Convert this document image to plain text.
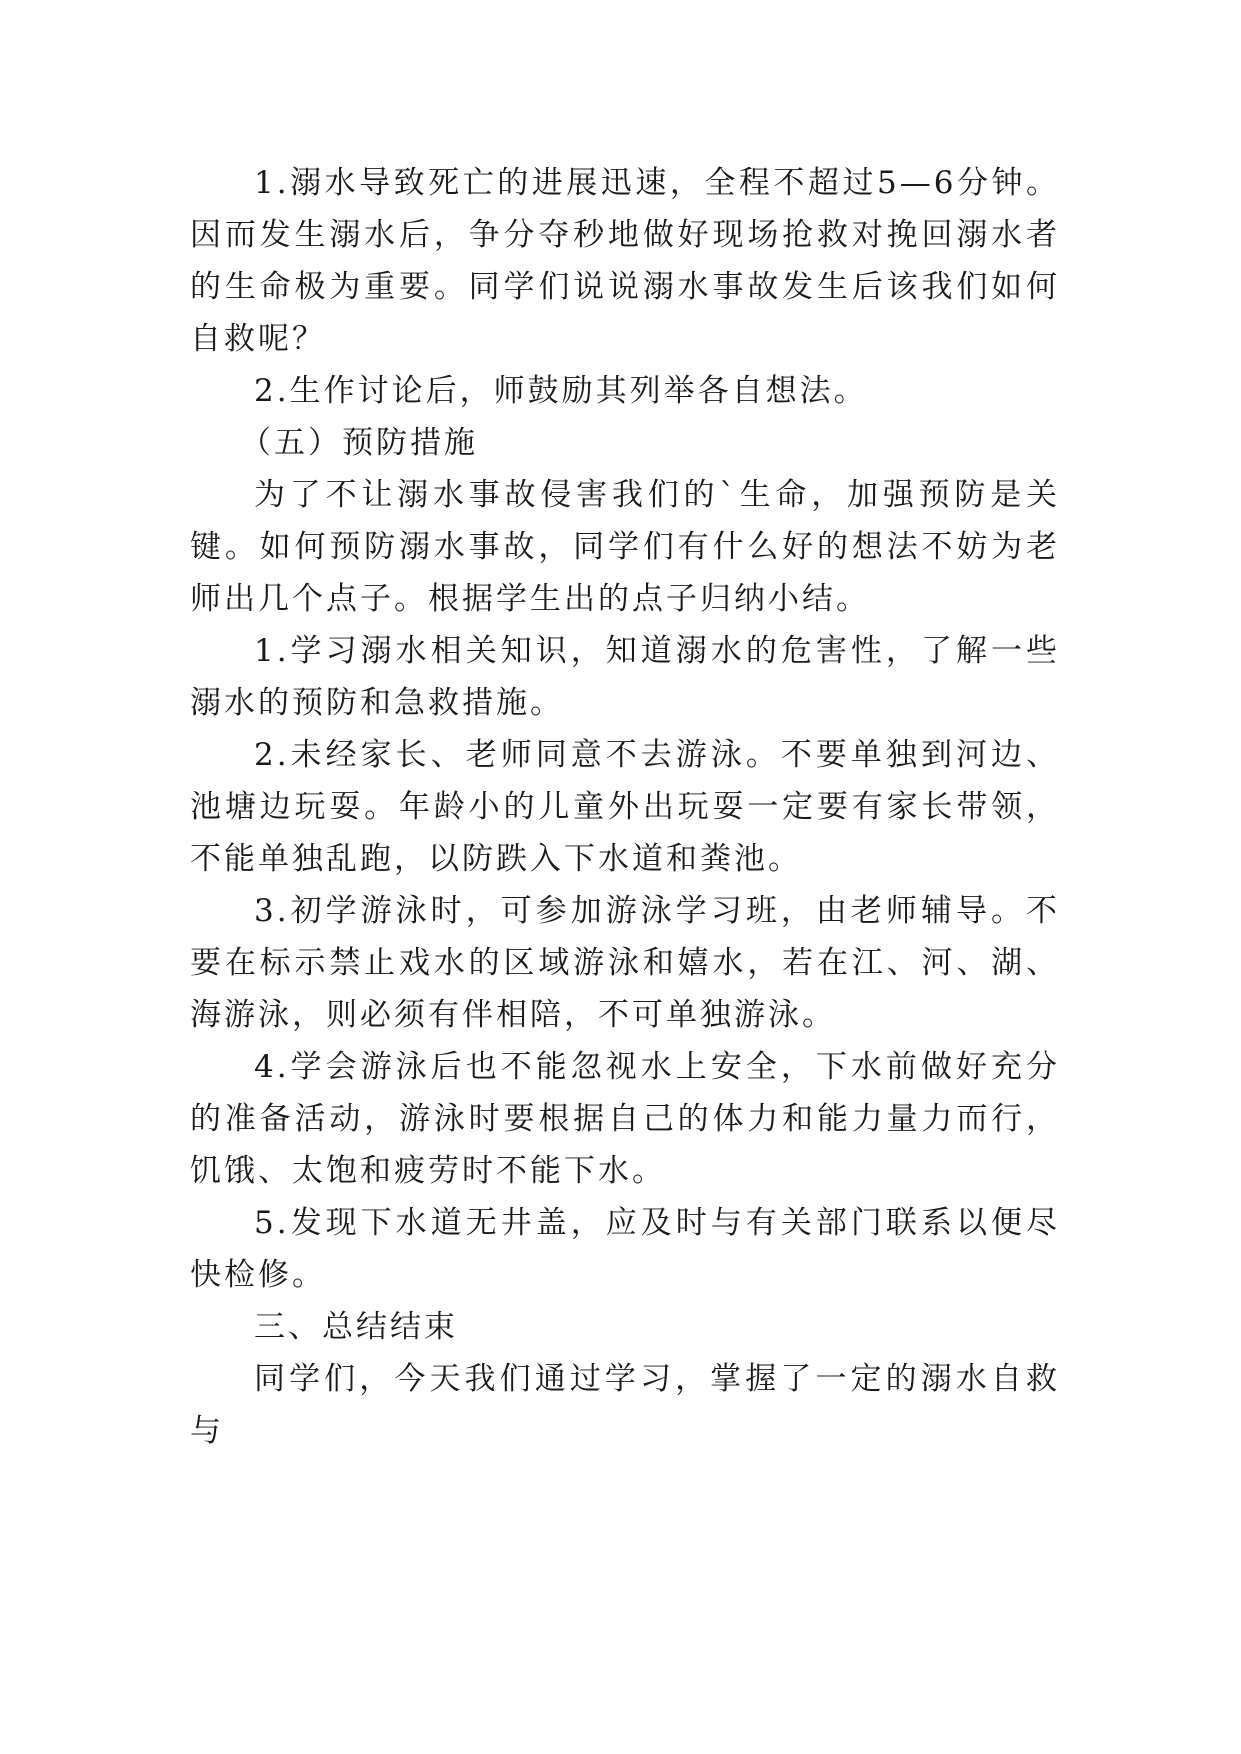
1.溺水导致死亡的进展迅速，全程不超过5—6分钟。因而发生溺水后，争分夺秒地做好现场抢救对挽回溺水者的生命极为重要。同学们说说溺水事故发生后该我们如何自救呢？

2.生作讨论后，师鼓励其列举各自想法。

（五）预防措施

为了不让溺水事故侵害我们的`生命，加强预防是关键。如何预防溺水事故，同学们有什么好的想法不妨为老师出几个点子。根据学生出的点子归纳小结。

1.学习溺水相关知识，知道溺水的危害性，了解一些溺水的预防和急救措施。

2.未经家长、老师同意不去游泳。不要单独到河边、池塘边玩耍。年龄小的儿童外出玩耍一定要有家长带领，不能单独乱跑，以防跌入下水道和粪池。

3.初学游泳时，可参加游泳学习班，由老师辅导。不要在标示禁止戏水的区域游泳和嬉水，若在江、河、湖、海游泳，则必须有伴相陪，不可单独游泳。

4.学会游泳后也不能忽视水上安全，下水前做好充分的准备活动，游泳时要根据自己的体力和能力量力而行，饥饿、太饱和疲劳时不能下水。

5.发现下水道无井盖，应及时与有关部门联系以便尽快检修。

三、总结结束

同学们，今天我们通过学习，掌握了一定的溺水自救与
